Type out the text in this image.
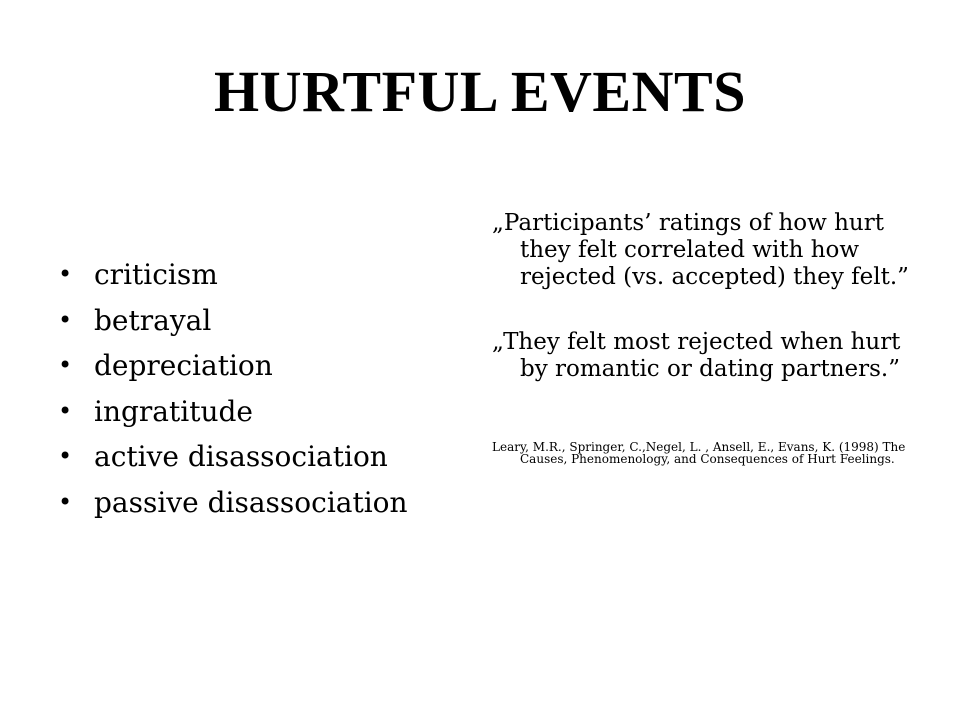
HURTFUL EVENTS
• criticism
• betrayal
• depreciation
• ingratitude
• active disassociation
• passive disassociation

„Participants’ ratings of how hurt they felt correlated with how rejected (vs. accepted) they felt.”

„They felt most rejected when hurt by romantic or dating partners.”

Leary, M.R., Springer, C.,Negel, L. , Ansell, E., Evans, K. (1998) The Causes, Phenomenology, and Consequences of Hurt Feelings.
